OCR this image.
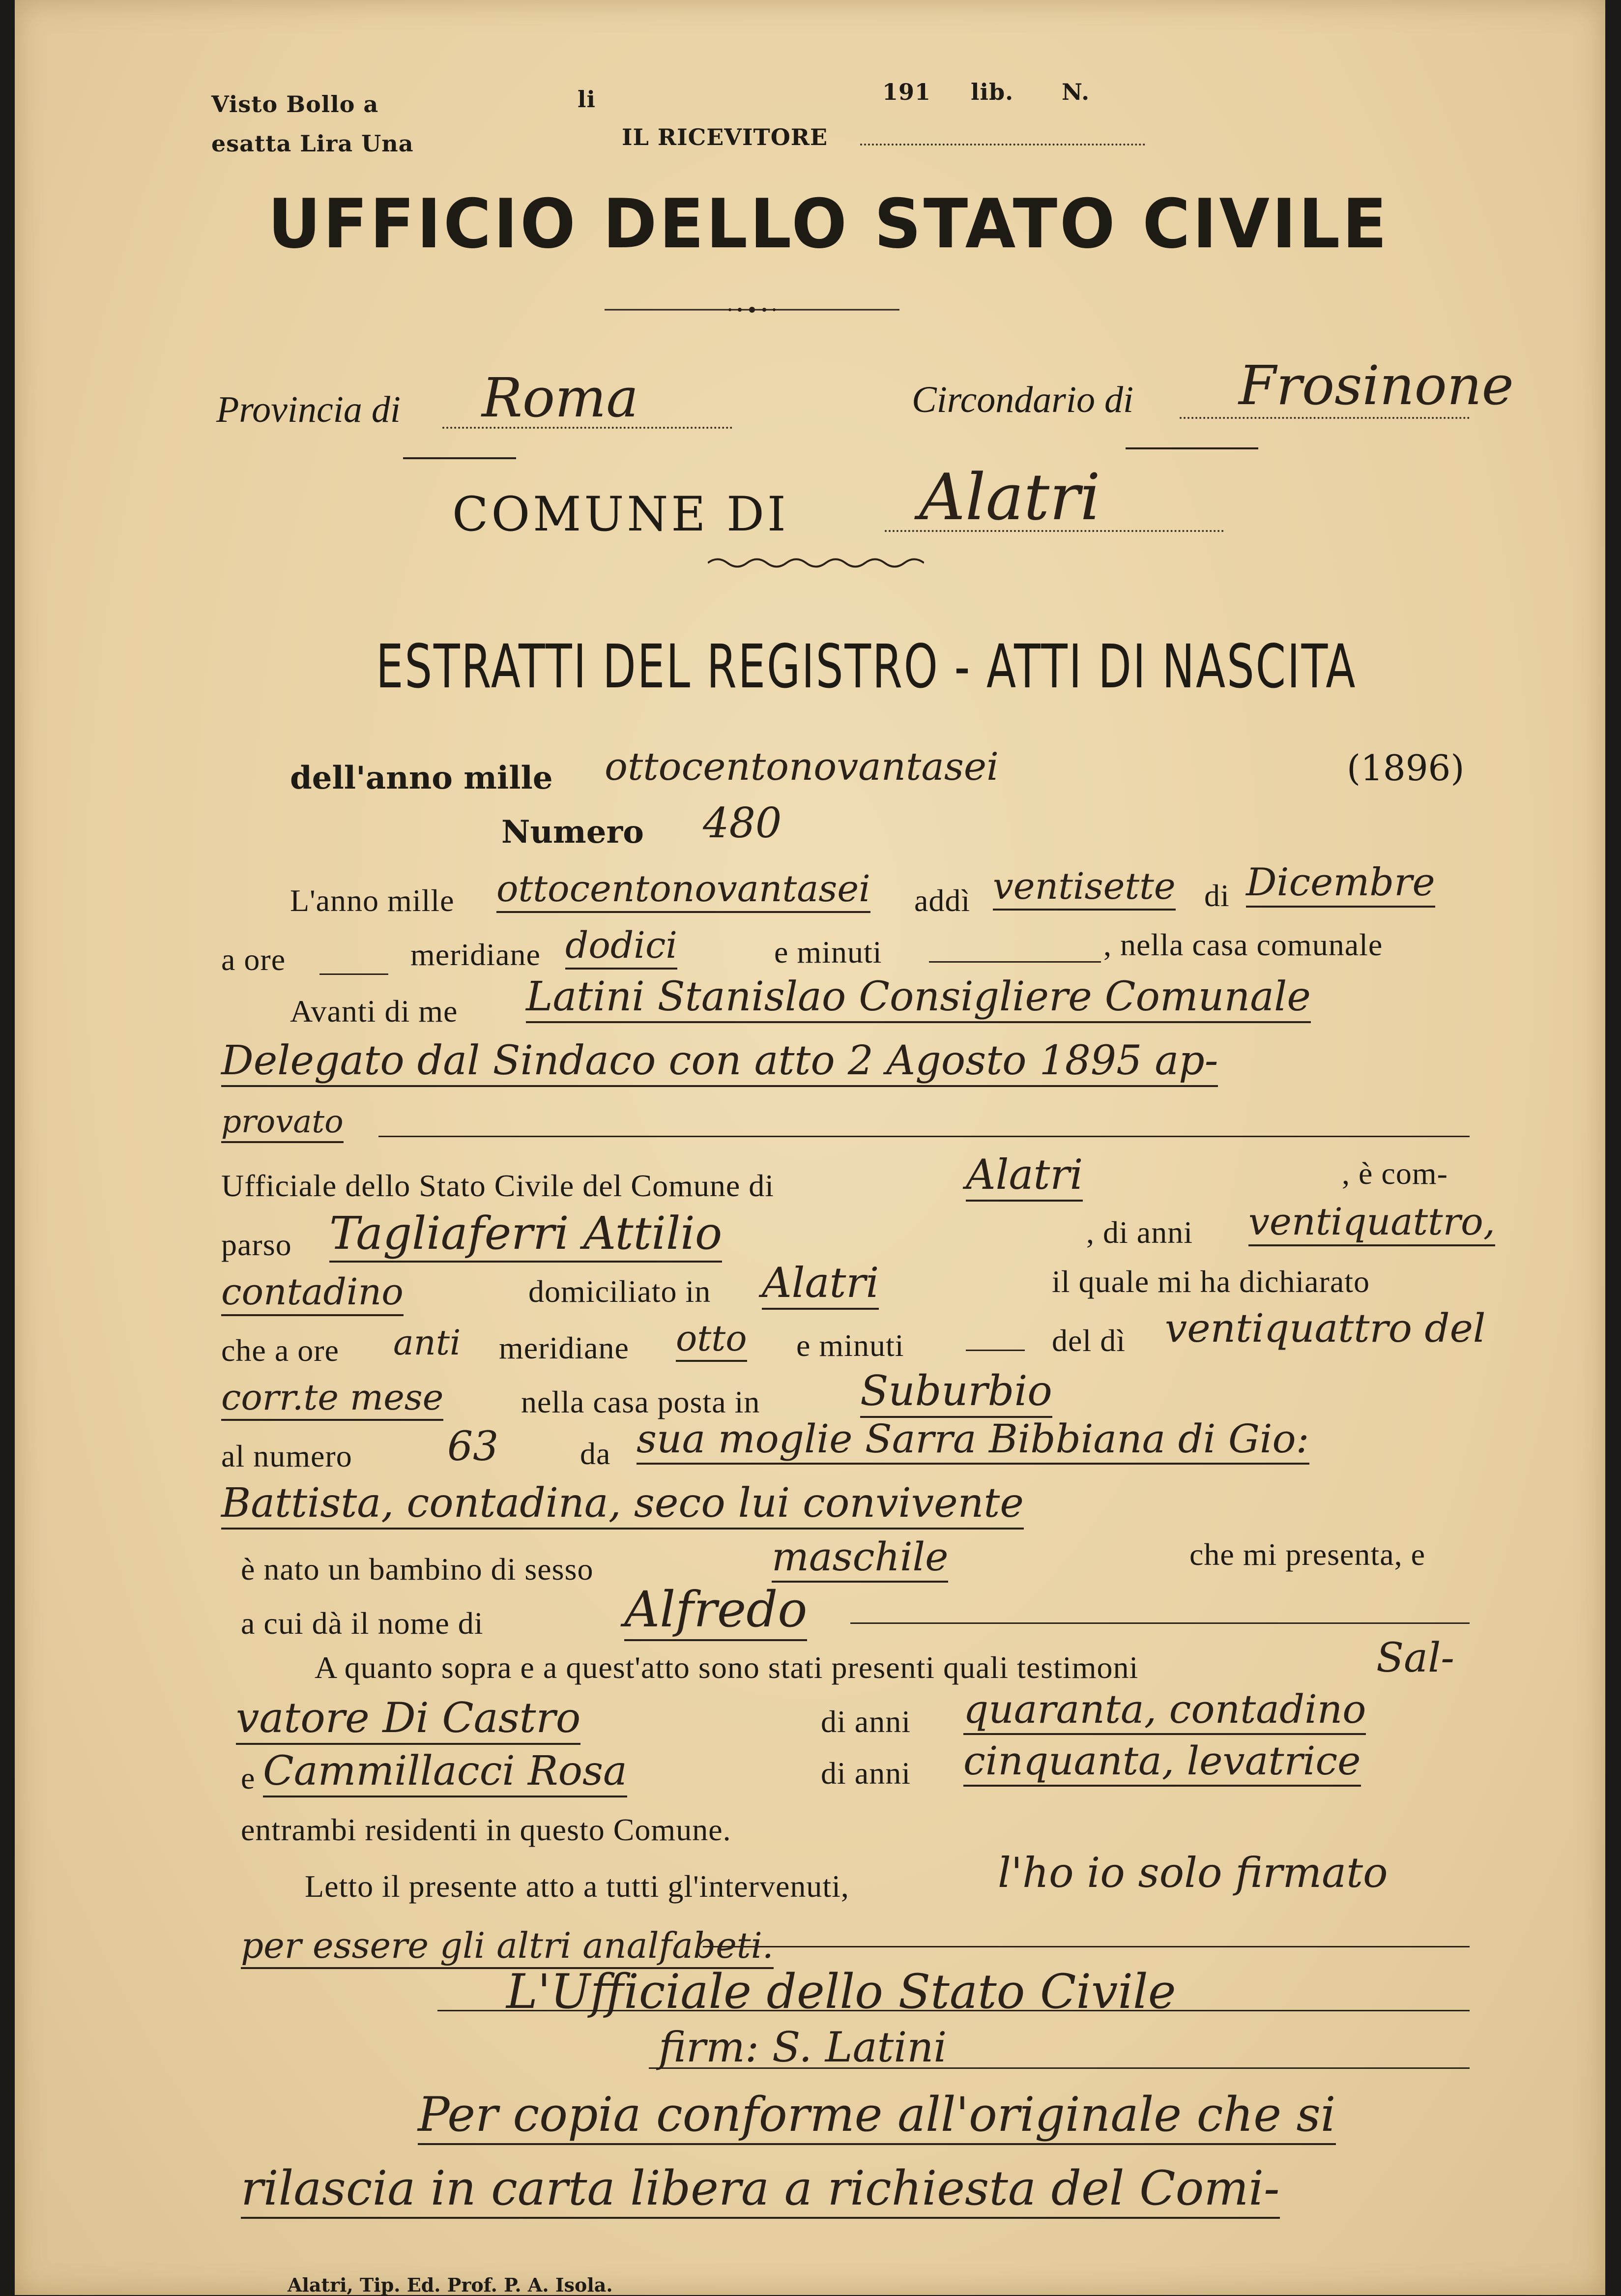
Visto Bollo a
esatta Lira Una
li	191 lib. N.
IL RICEVITORE
UFFICIO DELLO STATO CIVILE
Provincia di Roma	Circondario di Frosinone
COMUNE DI Alatri
ESTRATTI DEL REGISTRO - ATTI DI NASCITA
dell'anno mille ottocentonovantasei	(1896)
Numero 480
L'anno mille ottocentonovantasei addì ventisette di Dicembre
a ore	meridiane dodici	e minuti	, nella casa comunale
Avanti di me Latini Stanislao Consigliere Comunale
Delegato dal Sindaco con atto 2 Agosto 1895 ap-
provato
Ufficiale dello Stato Civile del Comune di	Alatri	, è com-
parso Tagliaferri Attilio	, di anni ventiquattro,
contadino	domiciliato in Alatri	il quale mi ha dichiarato
che a ore anti meridiane otto e minuti	del dì ventiquattro del
corr.te mese nella casa posta in Suburbio
al numero 63	da sua moglie Sarra Bibbiana di Gio:
Battista, contadina, seco lui convivente
è nato un bambino di sesso	maschile	che mi presenta, e
a cui dà il nome di	Alfredo
A quanto sopra e a quest'atto sono stati presenti quali testimoni	Sal-
vatore Di Castro	di anni quaranta, contadino
e Cammillacci Rosa	di anni cinquanta, levatrice
entrambi residenti in questo Comune.
Letto il presente atto a tutti gl'intervenuti,	l'ho io solo firmato
per essere gli altri analfabeti.
L'Ufficiale dello Stato Civile
firm: S. Latini
Per copia conforme all'originale che si
rilascia in carta libera a richiesta del Comi-
Alatri, Tip. Ed. Prof. P. A. Isola.
